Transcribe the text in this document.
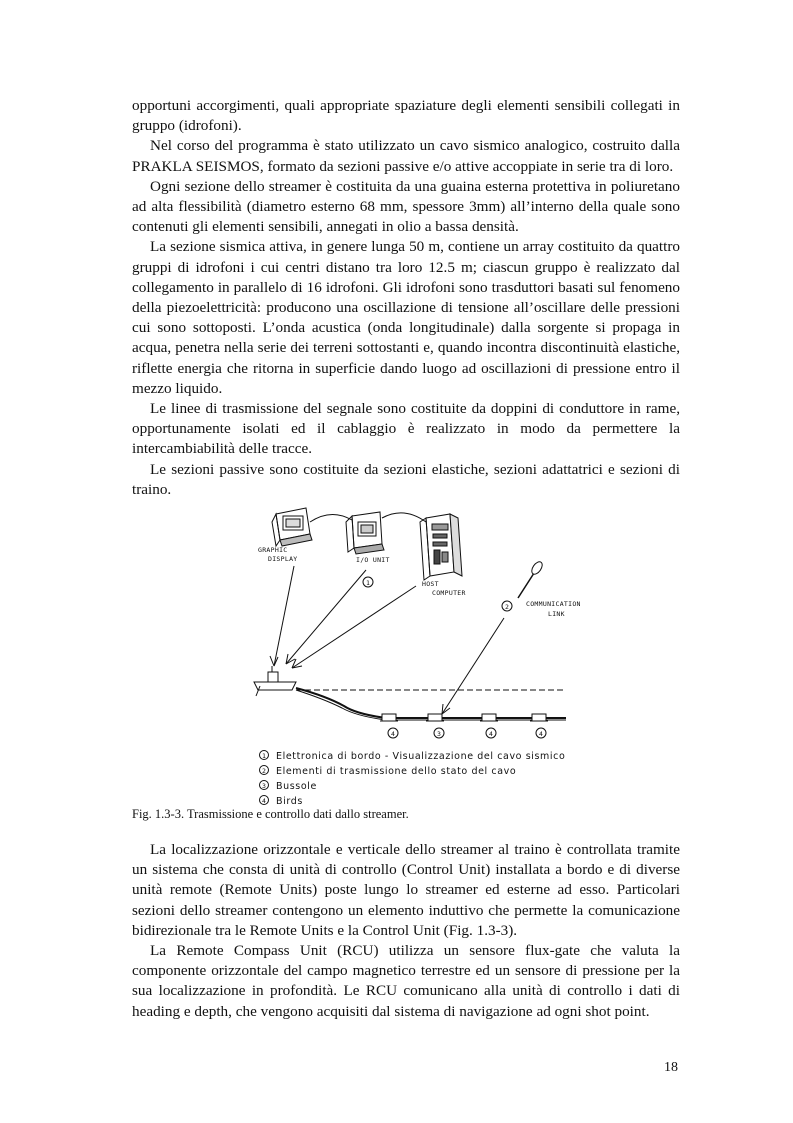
opportuni accorgimenti, quali appropriate spaziature degli elementi sensibili collegati in gruppo (idrofoni).

Nel corso del programma è stato utilizzato un cavo sismico analogico, costruito dalla PRAKLA SEISMOS, formato da sezioni passive e/o attive accoppiate in serie tra di loro.

Ogni sezione dello streamer è costituita da una guaina esterna protettiva in poliuretano ad alta flessibilità (diametro esterno 68 mm, spessore 3mm) all’interno della quale sono contenuti gli elementi sensibili, annegati in olio a bassa densità.

La sezione sismica attiva, in genere lunga 50 m, contiene un array costituito da quattro gruppi di idrofoni i cui centri distano tra loro 12.5 m; ciascun gruppo è realizzato dal collegamento in parallelo di 16 idrofoni. Gli idrofoni sono trasduttori basati sul fenomeno della piezoelettricità: producono una oscillazione di tensione all’oscillare delle pressioni cui sono sottoposti. L’onda acustica (onda longitudinale) dalla sorgente si propaga in acqua, penetra nella serie dei terreni sottostanti e, quando incontra discontinuità elastiche, riflette energia che ritorna in superficie dando luogo ad oscillazioni di pressione entro il mezzo liquido.

Le linee di trasmissione del segnale sono costituite da doppini di conduttore in rame, opportunamente isolati ed il cablaggio è realizzato in modo da permettere la intercambiabilità delle tracce.

Le sezioni passive sono costituite da sezioni elastiche, sezioni adattatrici e sezioni di traino.

GRAPHIC
DISPLAY	I/O UNIT
HOST
COMPUTER
COMMUNICATION
LINK
1
2
4	3	4	4
1 Elettronica di bordo - Visualizzazione del cavo sismico
2 Elementi di trasmissione dello stato del cavo
3 Bussole
4 Birds
Fig. 1.3-3. Trasmissione e controllo dati dallo streamer.

La localizzazione orizzontale e verticale dello streamer al traino è controllata tramite un sistema che consta di unità di controllo (Control Unit) installata a bordo e di diverse unità remote (Remote Units) poste lungo lo streamer ed esterne ad esso. Particolari sezioni dello streamer contengono un elemento induttivo che permette la comunicazione bidirezionale tra le Remote Units e la Control Unit (Fig. 1.3-3).

La Remote Compass Unit (RCU) utilizza un sensore flux-gate che valuta la componente orizzontale del campo magnetico terrestre ed un sensore di pressione per la sua localizzazione in profondità. Le RCU comunicano alla unità di controllo i dati di heading e depth, che vengono acquisiti dal sistema di navigazione ad ogni shot point.

18
